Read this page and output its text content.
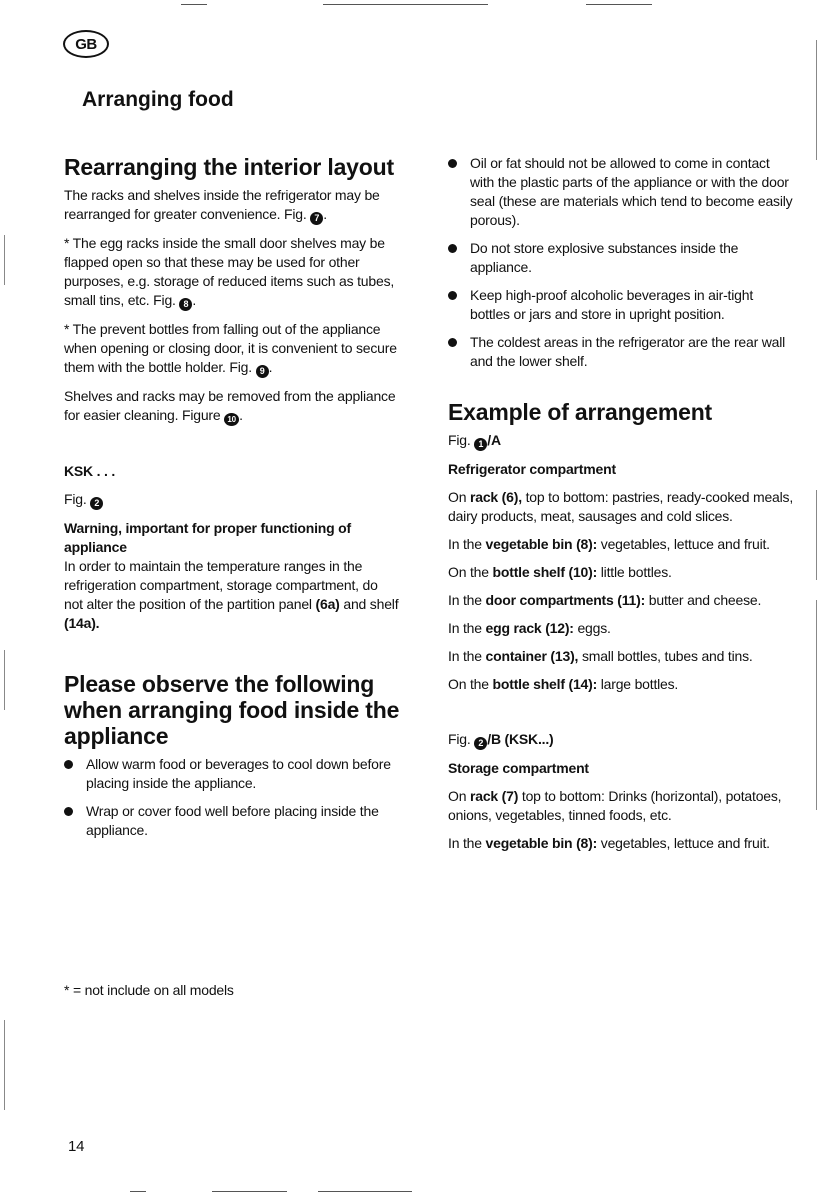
GB
Arranging food
Rearranging the interior layout

The racks and shelves inside the refrigerator may be rearranged for greater convenience. Fig. 7 .

* The egg racks inside the small door shelves may be flapped open so that these may be used for other purposes, e.g. storage of reduced items such as tubes, small tins, etc. Fig. 8 .

* The prevent bottles from falling out of the appliance when opening or closing door, it is convenient to secure them with the bottle holder. Fig. 9 .

Shelves and racks may be removed from the appliance for easier cleaning. Figure 10 .

KSK . . .

Fig. 2

Warning, important for proper functioning of appliance

In order to maintain the temperature ranges in the refrigeration compartment, storage compartment, do not alter the position of the partition panel (6a) and shelf (14a).

Please observe the following when arranging food inside the appliance
Allow warm food or beverages to cool down before placing inside the appliance.
Wrap or cover food well before placing inside the appliance.

* = not include on all models

14

Oil or fat should not be allowed to come in contact with the plastic parts of the appliance or with the door seal (these are materials which tend to become easily porous).
Do not store explosive substances inside the appliance.
Keep high-proof alcoholic beverages in air-tight bottles or jars and store in upright position.
The coldest areas in the refrigerator are the rear wall and the lower shelf.
Example of arrangement

Fig. 1 /A

Refrigerator compartment

On rack (6), top to bottom: pastries, ready-cooked meals, dairy products, meat, sausages and cold slices.

In the vegetable bin (8): vegetables, lettuce and fruit.

On the bottle shelf (10): little bottles.

In the door compartments (11): butter and cheese.

In the egg rack (12): eggs.

In the container (13), small bottles, tubes and tins.

On the bottle shelf (14): large bottles.

Fig. 2 /B (KSK...)

Storage compartment

On rack (7) top to bottom: Drinks (horizontal), potatoes, onions, vegetables, tinned foods, etc.

In the vegetable bin (8): vegetables, lettuce and fruit.
